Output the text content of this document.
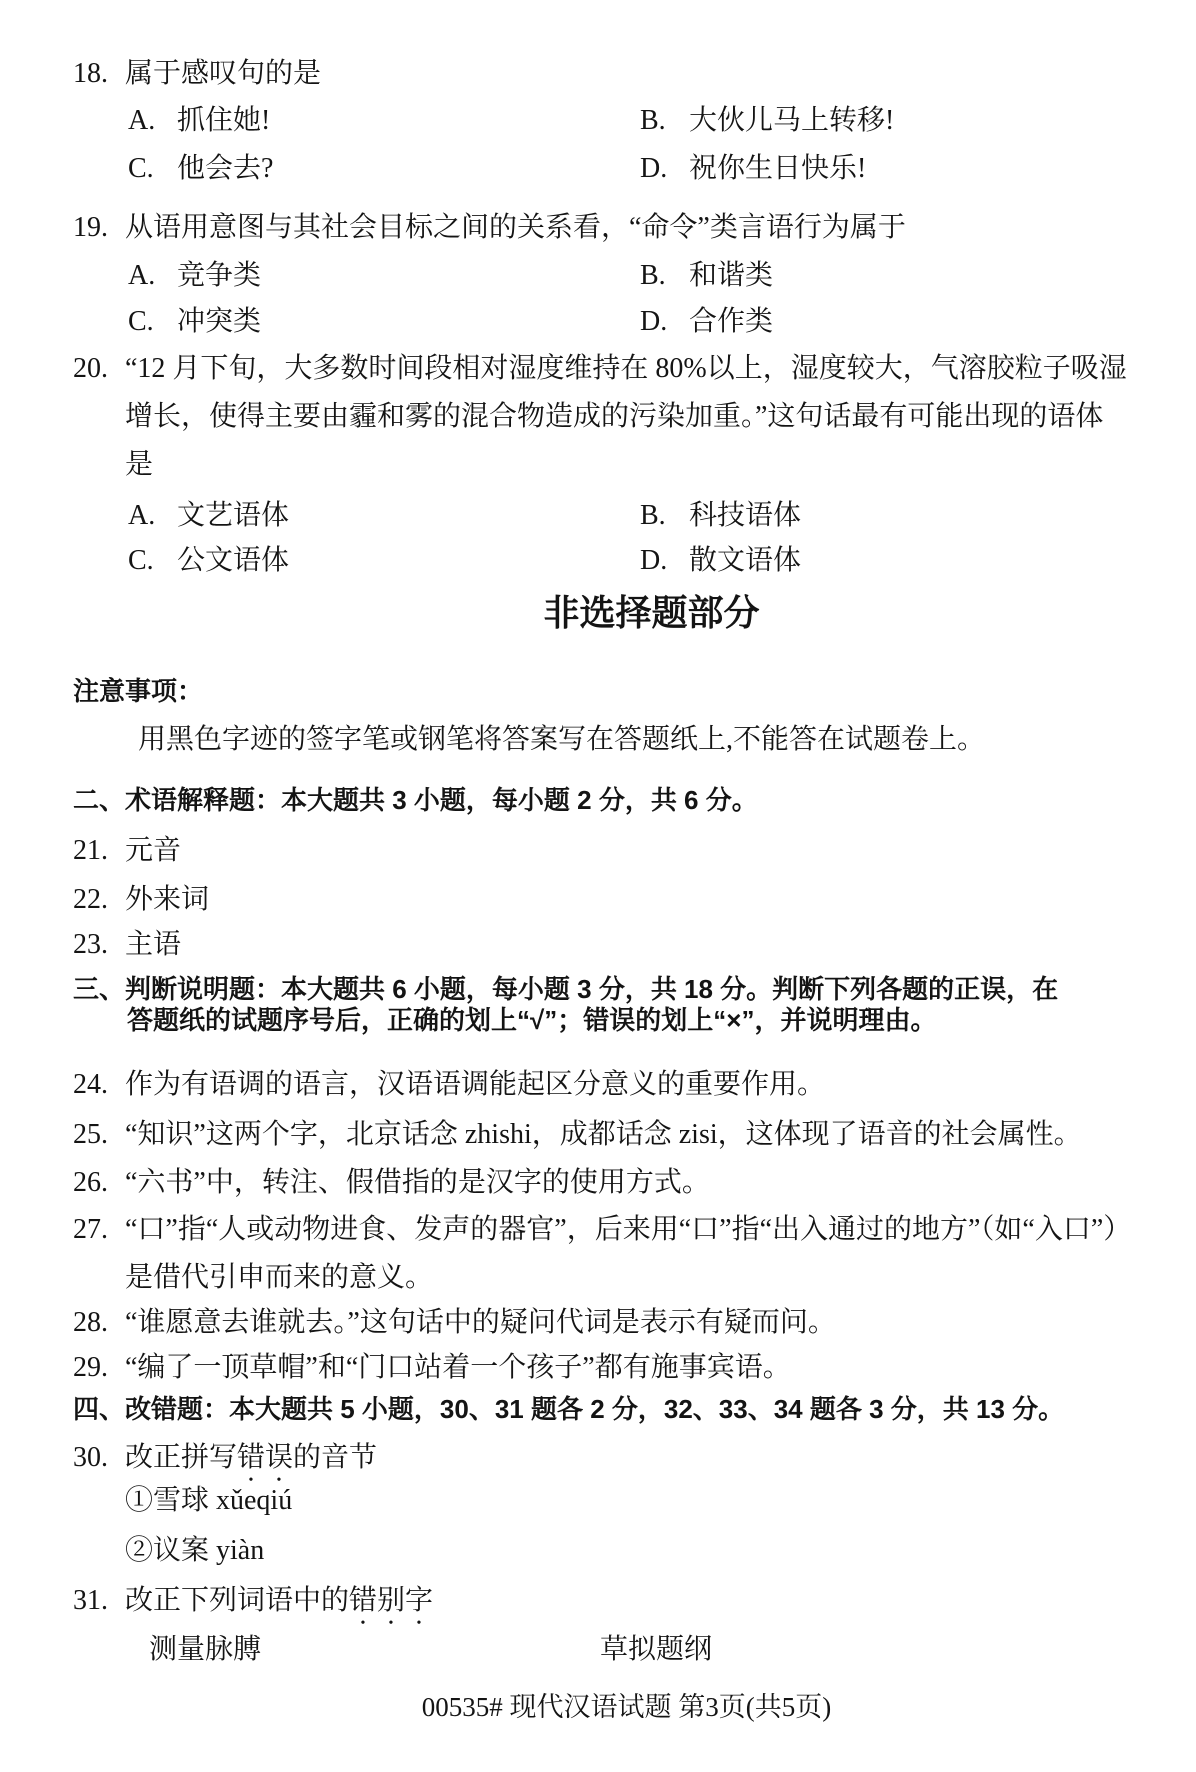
18. 属于感叹句的是
A. 抓住她!	B. 大伙儿马上转移!
C. 他会去?	D. 祝你生日快乐!
19. 从语用意图与其社会目标之间的关系看，“命令”类言语行为属于
A. 竞争类	B. 和谐类
C. 冲突类	D. 合作类
20. “12 月下旬，大多数时间段相对湿度维持在 80%以上，湿度较大，气溶胶粒子吸湿
增长，使得主要由霾和雾的混合物造成的污染加重。”这句话最有可能出现的语体
是
A. 文艺语体	B. 科技语体
C. 公文语体	D. 散文语体
非选择题部分
注意事项：
用黑色字迹的签字笔或钢笔将答案写在答题纸上,不能答在试题卷上。
二、术语解释题：本大题共 3 小题，每小题 2 分，共 6 分。
21. 元音
22. 外来词
23. 主语
三、判断说明题：本大题共 6 小题，每小题 3 分，共 18 分。判断下列各题的正误，在
答题纸的试题序号后，正确的划上“√”；错误的划上“×”，并说明理由。
24. 作为有语调的语言，汉语语调能起区分意义的重要作用。
25. “知识”这两个字，北京话念 zhishi，成都话念 zisi，这体现了语音的社会属性。
26. “六书”中，转注、假借指的是汉字的使用方式。
27. “口”指“人或动物进食、发声的器官”，后来用“口”指“出入通过的地方”（如“入口”）
是借代引申而来的意义。
28. “谁愿意去谁就去。”这句话中的疑问代词是表示有疑而问。
29. “编了一顶草帽”和“门口站着一个孩子”都有施事宾语。
四、改错题：本大题共 5 小题，30、31 题各 2 分，32、33、34 题各 3 分，共 13 分。
30. 改正拼写错误的音节
①雪球 xǔeqiú
②议案 yiàn
31. 改正下列词语中的错别字
测量脉膊	草拟题纲
00535# 现代汉语试题 第3页(共5页)
